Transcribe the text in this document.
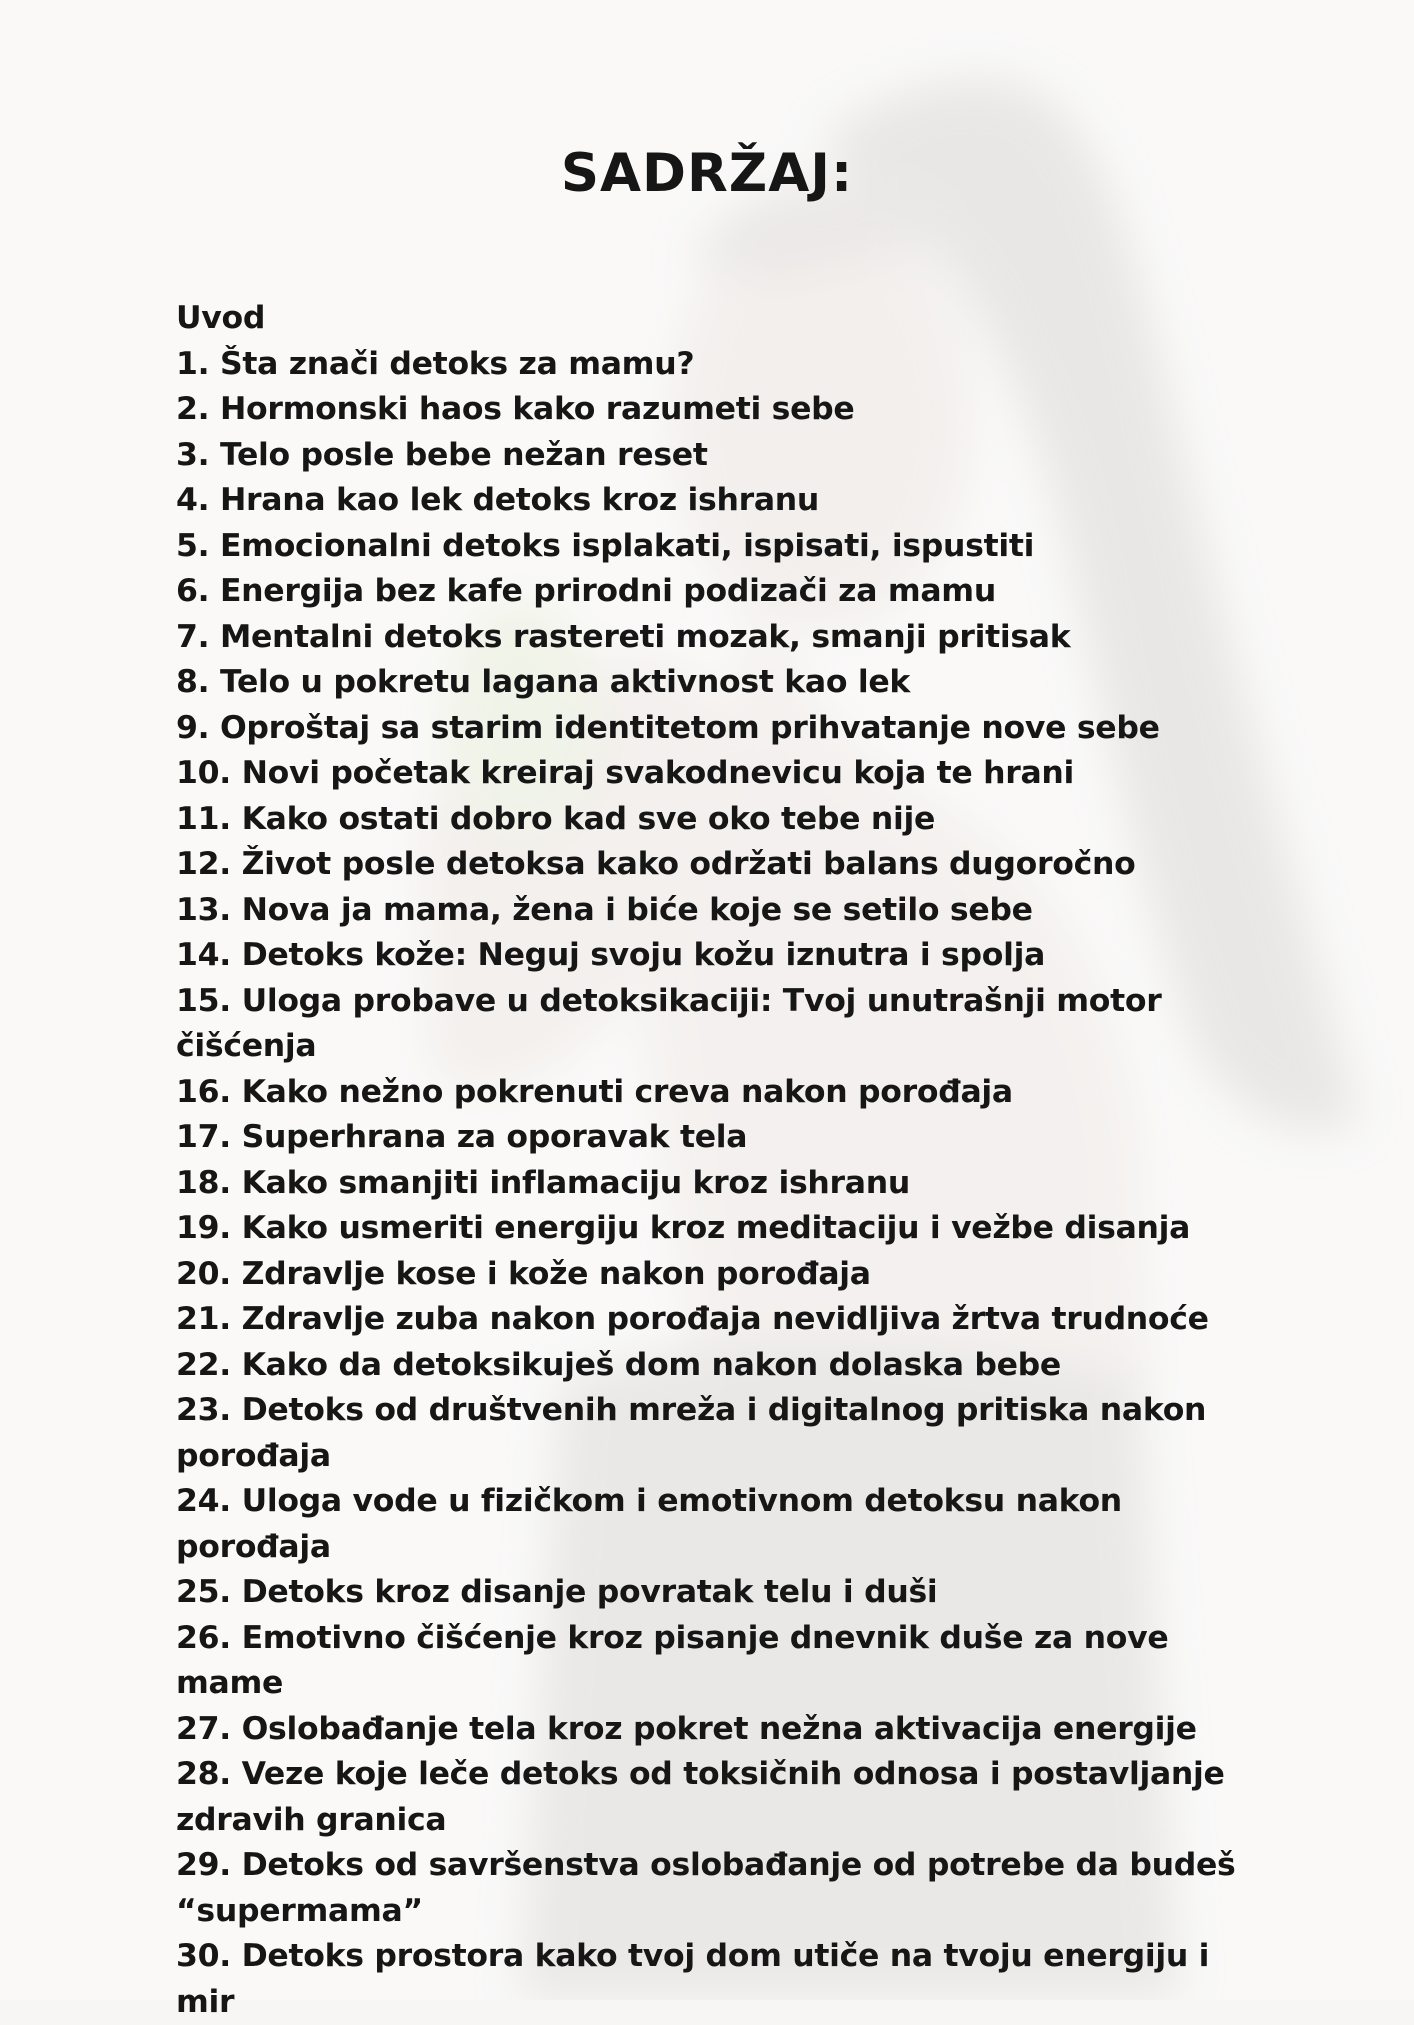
SADRŽAJ:
Uvod
1. Šta znači detoks za mamu?
2. Hormonski haos kako razumeti sebe
3. Telo posle bebe nežan reset
4. Hrana kao lek detoks kroz ishranu
5. Emocionalni detoks isplakati, ispisati, ispustiti
6. Energija bez kafe prirodni podizači za mamu
7. Mentalni detoks rastereti mozak, smanji pritisak
8. Telo u pokretu lagana aktivnost kao lek
9. Oproštaj sa starim identitetom prihvatanje nove sebe
10. Novi početak kreiraj svakodnevicu koja te hrani
11. Kako ostati dobro kad sve oko tebe nije
12. Život posle detoksa kako održati balans dugoročno
13. Nova ja mama, žena i biće koje se setilo sebe
14. Detoks kože: Neguj svoju kožu iznutra i spolja
15. Uloga probave u detoksikaciji: Tvoj unutrašnji motor čišćenja
16. Kako nežno pokrenuti creva nakon porođaja
17. Superhrana za oporavak tela
18. Kako smanjiti inflamaciju kroz ishranu
19. Kako usmeriti energiju kroz meditaciju i vežbe disanja
20. Zdravlje kose i kože nakon porođaja
21. Zdravlje zuba nakon porođaja nevidljiva žrtva trudnoće
22. Kako da detoksikuješ dom nakon dolaska bebe
23. Detoks od društvenih mreža i digitalnog pritiska nakon porođaja
24. Uloga vode u fizičkom i emotivnom detoksu nakon porođaja
25. Detoks kroz disanje povratak telu i duši
26. Emotivno čišćenje kroz pisanje dnevnik duše za nove mame
27. Oslobađanje tela kroz pokret nežna aktivacija energije
28. Veze koje leče detoks od toksičnih odnosa i postavljanje zdravih granica
29. Detoks od savršenstva oslobađanje od potrebe da budeš “supermama”
30. Detoks prostora kako tvoj dom utiče na tvoju energiju i mir
